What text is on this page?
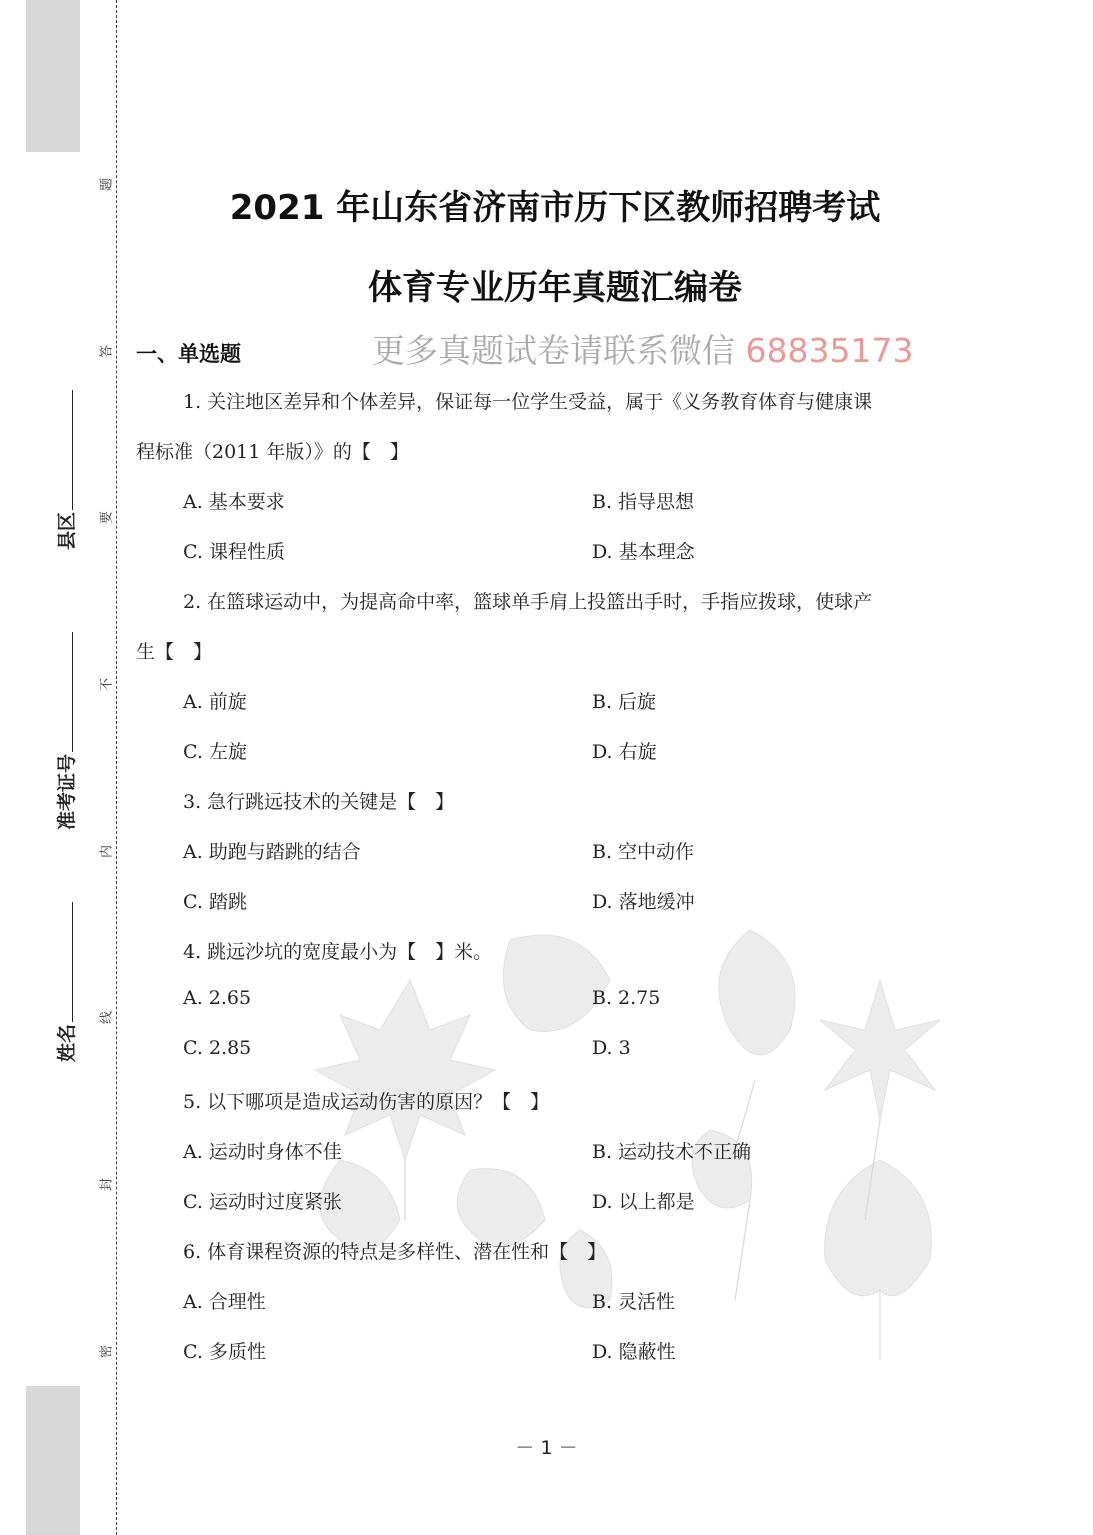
题
答
要
不
内
线
封
密
县区
准考证号
姓名
2021 年山东省济南市历下区教师招聘考试
体育专业历年真题汇编卷
一、单选题	更多真题试卷请联系微信 68835173
1. 关注地区差异和个体差异，保证每一位学生受益，属于《义务教育体育与健康课
程标准（2011 年版）》的【　】
A. 基本要求	B. 指导思想
C. 课程性质	D. 基本理念
2. 在篮球运动中，为提高命中率，篮球单手肩上投篮出手时，手指应拨球，使球产
生【　】
A. 前旋	B. 后旋
C. 左旋	D. 右旋
3. 急行跳远技术的关键是【　】
A. 助跑与踏跳的结合	B. 空中动作
C. 踏跳	D. 落地缓冲
4. 跳远沙坑的宽度最小为【　】米。
A. 2.65	B. 2.75
C. 2.85	D. 3
5. 以下哪项是造成运动伤害的原因？【　】
A. 运动时身体不佳	B. 运动技术不正确
C. 运动时过度紧张	D. 以上都是
6. 体育课程资源的特点是多样性、潜在性和【　】
A. 合理性	B. 灵活性
C. 多质性	D. 隐蔽性
－ 1 －
